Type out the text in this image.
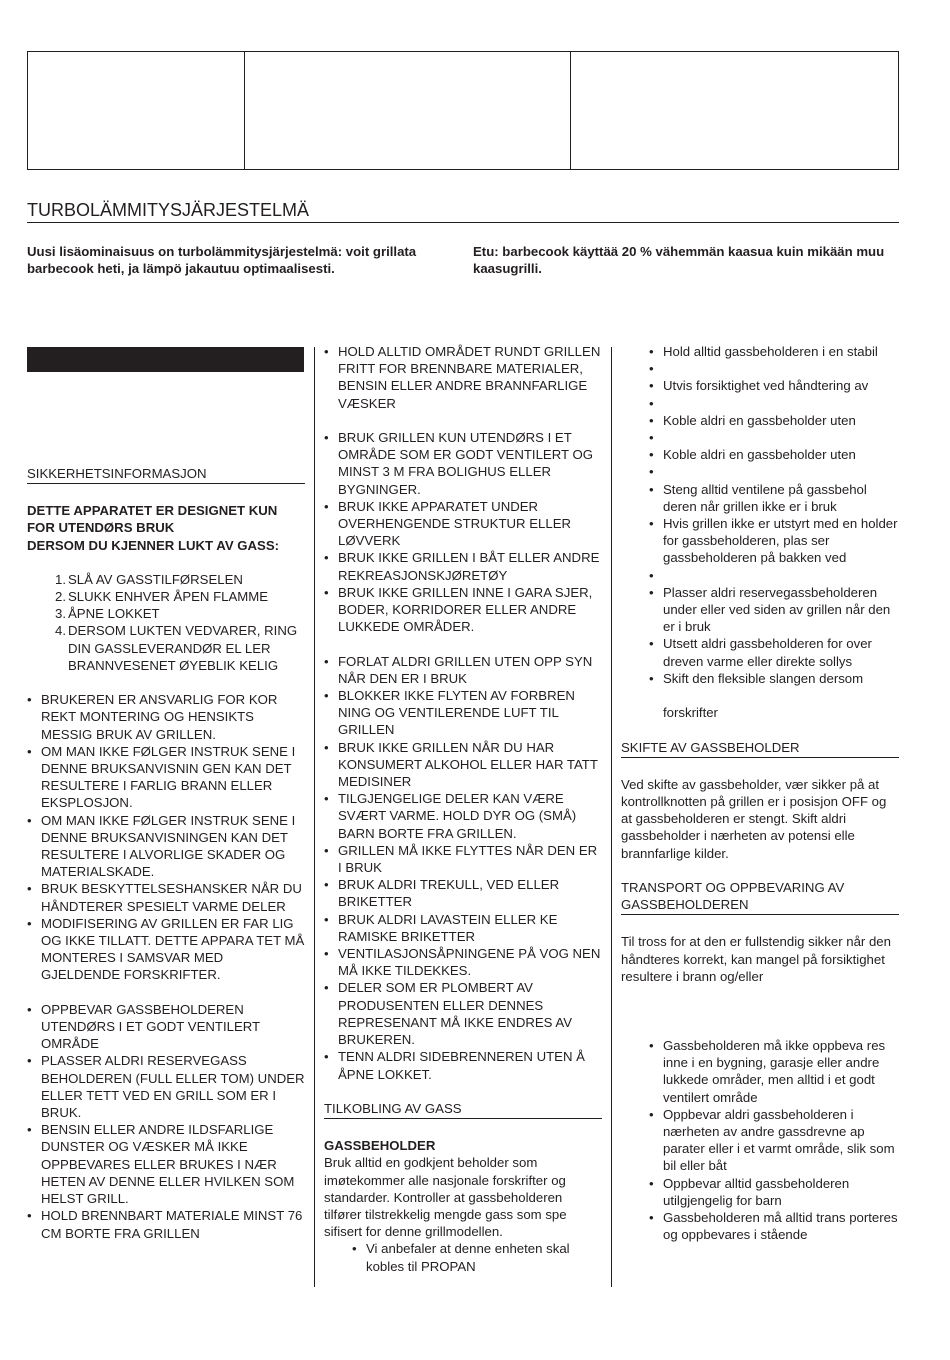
TURBOLÄMMITYSJÄRJESTELMÄ
Uusi lisäominaisuus on turbolämmitysjärjestelmä: voit grillata barbecook heti, ja lämpö jakautuu optimaalisesti.
Etu: barbecook käyttää 20 % vähemmän kaasua kuin mikään muu kaasugrilli.
SIKKERHETSINFORMASJON
DETTE APPARATET ER DESIGNET KUN FOR UTENDØRS BRUK
DERSOM DU KJENNER LUKT AV GASS:
1. SLÅ AV GASSTILFØRSELEN
2. SLUKK ENHVER ÅPEN FLAMME
3. ÅPNE LOKKET
4. DERSOM LUKTEN VEDVARER, RING DIN GASSLEVERANDØR EL LER BRANNVESENET ØYEBLIK KELIG
• BRUKEREN ER ANSVARLIG FOR KOR REKT MONTERING OG HENSIKTS MESSIG BRUK AV GRILLEN.
• OM MAN IKKE FØLGER INSTRUK SENE I DENNE BRUKSANVISNIN GEN KAN DET RESULTERE I FARLIG BRANN ELLER EKSPLOSJON.
• OM MAN IKKE FØLGER INSTRUK SENE I DENNE BRUKSANVISNINGEN KAN DET RESULTERE I ALVORLIGE SKADER OG MATERIALSKADE.
• BRUK BESKYTTELSESHANSKER NÅR DU HÅNDTERER SPESIELT VARME DELER
• MODIFISERING AV GRILLEN ER FAR LIG OG IKKE TILLATT. DETTE APPARA TET MÅ MONTERES I SAMSVAR MED GJELDENDE FORSKRIFTER.
• OPPBEVAR GASSBEHOLDEREN UTENDØRS I ET GODT VENTILERT OMRÅDE
• PLASSER ALDRI RESERVEGASS BEHOLDEREN (FULL ELLER TOM) UNDER ELLER TETT VED EN GRILL SOM ER I BRUK.
• BENSIN ELLER ANDRE ILDSFARLIGE DUNSTER OG VÆSKER MÅ IKKE OPPBEVARES ELLER BRUKES I NÆR HETEN AV DENNE ELLER HVILKEN SOM HELST GRILL.
• HOLD BRENNBART MATERIALE MINST 76 CM BORTE FRA GRILLEN
• HOLD ALLTID OMRÅDET RUNDT GRILLEN FRITT FOR BRENNBARE MATERIALER, BENSIN ELLER ANDRE BRANNFARLIGE VÆSKER
• BRUK GRILLEN KUN UTENDØRS I ET OMRÅDE SOM ER GODT VENTILERT OG MINST 3 M FRA BOLIGHUS ELLER BYGNINGER.
• BRUK IKKE APPARATET UNDER OVERHENGENDE STRUKTUR ELLER LØVVERK
• BRUK IKKE GRILLEN I BÅT ELLER ANDRE REKREASJONSKJØRETØY
• BRUK IKKE GRILLEN INNE I GARA SJER, BODER, KORRIDORER ELLER ANDRE LUKKEDE OMRÅDER.
• FORLAT ALDRI GRILLEN UTEN OPP SYN NÅR DEN ER I BRUK
• BLOKKER IKKE FLYTEN AV FORBREN NING OG VENTILERENDE LUFT TIL GRILLEN
• BRUK IKKE GRILLEN NÅR DU HAR KONSUMERT ALKOHOL ELLER HAR TATT MEDISINER
• TILGJENGELIGE DELER KAN VÆRE SVÆRT VARME. HOLD DYR OG (SMÅ) BARN BORTE FRA GRILLEN.
• GRILLEN MÅ IKKE FLYTTES NÅR DEN ER I BRUK
• BRUK ALDRI TREKULL, VED ELLER BRIKETTER
• BRUK ALDRI LAVASTEIN ELLER KE RAMISKE BRIKETTER
• VENTILASJONSÅPNINGENE PÅ VOG NEN MÅ IKKE TILDEKKES.
• DELER SOM ER PLOMBERT AV PRODUSENTEN ELLER DENNES REPRESENANT MÅ IKKE ENDRES AV BRUKEREN.
• TENN ALDRI SIDEBRENNEREN UTEN Å ÅPNE LOKKET.
TILKOBLING AV GASS
GASSBEHOLDER
Bruk alltid en godkjent beholder som imøtekommer alle nasjonale forskrifter og standarder. Kontroller at gassbeholderen tilfører tilstrekkelig mengde gass som spe sifisert for denne grillmodellen.
• Vi anbefaler at denne enheten skal kobles til PROPAN
• Hold alltid gassbeholderen i en stabil
•
• Utvis forsiktighet ved håndtering av
•
• Koble aldri en gassbeholder uten
•
• Koble aldri en gassbeholder uten
•
• Steng alltid ventilene på gassbehol deren når grillen ikke er i bruk
• Hvis grillen ikke er utstyrt med en holder for gassbeholderen, plas ser gassbeholderen på bakken ved
•
• Plasser aldri reservegassbeholderen under eller ved siden av grillen når den er i bruk
• Utsett aldri gassbeholderen for over dreven varme eller direkte sollys
• Skift den fleksible slangen dersom
forskrifter
SKIFTE AV GASSBEHOLDER
Ved skifte av gassbeholder, vær sikker på at kontrollknotten på grillen er i posisjon OFF og at gassbeholderen er stengt. Skift aldri gassbeholder i nærheten av potensi elle brannfarlige kilder.
TRANSPORT OG OPPBEVARING AV GASSBEHOLDEREN
Til tross for at den er fullstendig sikker når den håndteres korrekt, kan mangel på forsiktighet resultere i brann og/eller
• Gassbeholderen må ikke oppbeva res inne i en bygning, garasje eller andre lukkede områder, men alltid i et godt ventilert område
• Oppbevar aldri gassbeholderen i nærheten av andre gassdrevne ap parater eller i et varmt område, slik som bil eller båt
• Oppbevar alltid gassbeholderen utilgjengelig for barn
• Gassbeholderen må alltid trans porteres og oppbevares i stående
